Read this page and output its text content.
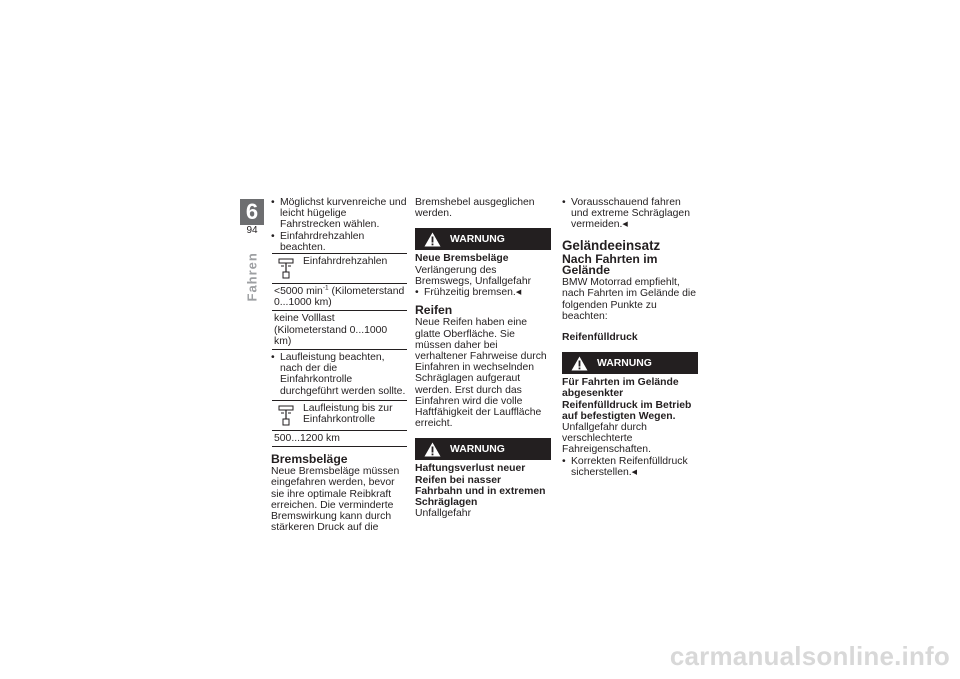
6
94
Fahren
• Möglichst kurvenreiche und leicht hügelige Fahrstrecken wählen.
• Einfahrdrehzahlen beachten.
Einfahrdrehzahlen
<5000 $\min^{-1}$ (Kilometerstand 0...1000 km)
keine Volllast (Kilometerstand 0...1000 km)
• Laufleistung beachten, nach der die Einfahrkontrolle durchgeführt werden sollte.
Laufleistung bis zur Einfahrkontrolle
500...1200 km
Bremsbeläge
Neue Bremsbeläge müssen eingefahren werden, bevor sie ihre optimale Reibkraft erreichen. Die verminderte Bremswirkung kann durch stärkeren Druck auf die
Bremshebel ausgeglichen werden.
WARNUNG
Neue Bremsbeläge
Verlängerung des Bremswegs, Unfallgefahr
• Frühzeitig bremsen. ◀
Reifen
Neue Reifen haben eine glatte Oberfläche. Sie müssen daher bei verhaltener Fahrweise durch Einfahren in wechselnden Schräglagen aufgeraut werden. Erst durch das Einfahren wird die volle Haftfähigkeit der Lauffläche erreicht.
WARNUNG
Haftungsverlust neuer Reifen bei nasser Fahrbahn und in extremen Schräglagen
Unfallgefahr
• Vorausschauend fahren und extreme Schräglagen vermeiden. ◀
Geländeeinsatz
Nach Fahrten im Gelände
BMW Motorrad empfiehlt, nach Fahrten im Gelände die folgenden Punkte zu beachten:
Reifenfülldruck
WARNUNG
Für Fahrten im Gelände abgesenkter Reifenfülldruck im Betrieb auf befestigten Wegen.
Unfallgefahr durch verschlechterte Fahreigenschaften.
• Korrekten Reifenfülldruck sicherstellen. ◀
carmanualsonline.info
